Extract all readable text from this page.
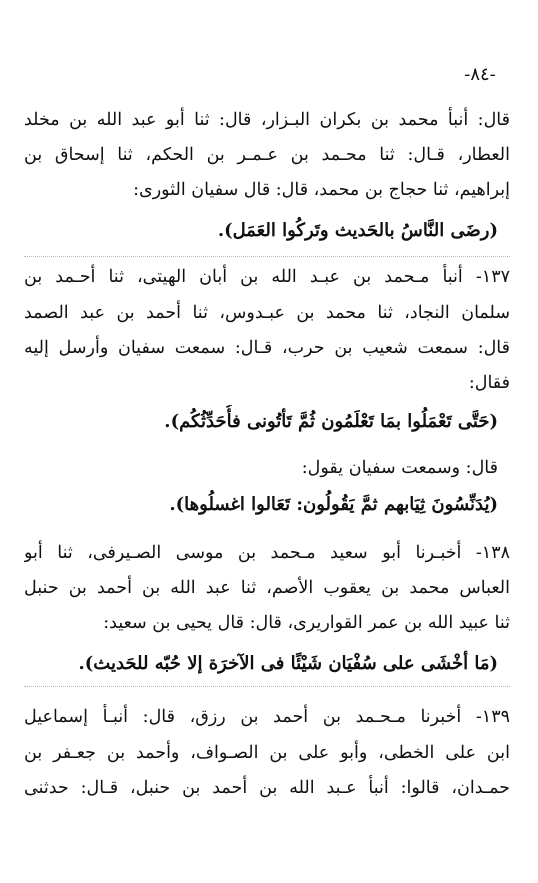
-٨٤-
قال: أنبأ محمد بن بكران البـزار، قال: ثنا أبو عبد الله بن مخلد
العطار، قـال: ثنا محـمد بن عـمـر بن الحكم، ثنا إسحاق بن
إبراهيم، ثنا حجاج بن محمد، قال: قال سفيان الثورى:
(رضَى النَّاسُ بالحَديث وتَركُوا العَمَل).
١٣٧- أنبأ مـحمد بن عبـد الله بن أبان الهيتى، ثنا أحـمد بن
سلمان النجاد، ثنا محمد بن عبـدوس، ثنا أحمد بن عبد الصمد
قال: سمعت شعيب بن حرب، قـال: سمعت سفيان وأرسل إليه
فقال:
(حَتَّى تَعْمَلُوا بمَا تَعْلَمُون ثُمَّ تَأتُونى فأُحَدِّثُكُم).
قال: وسمعت سفيان يقول:
(يُدَنِّسُونَ ثِيَابهم ثمَّ يَقُولُون: تَعَالوا اغسلُوها).
١٣٨- أخبـرنا أبو سعيد مـحمد بن موسى الصـيرفى، ثنا أبو
العباس محمد بن يعقوب الأصم، ثنا عبد الله بن أحمد بن حنبل
ثنا عبيد الله بن عمر القواريرى، قال: قال يحيى بن سعيد:
(مَا أخْشَى على سُفْيَان شَيْئًا فى الآخرَة إلا حُبّه للحَديث).
١٣٩- أخبرنا مـحـمد بن أحمد بن رزق، قال: أنبـأ إسماعيل
ابن على الخطى، وأبو على بن الصـواف، وأحمد بن جعـفر بن
حمـدان، قالوا: أنبأ عـبد الله بن أحمد بن حنبل، قـال: حدثنى
